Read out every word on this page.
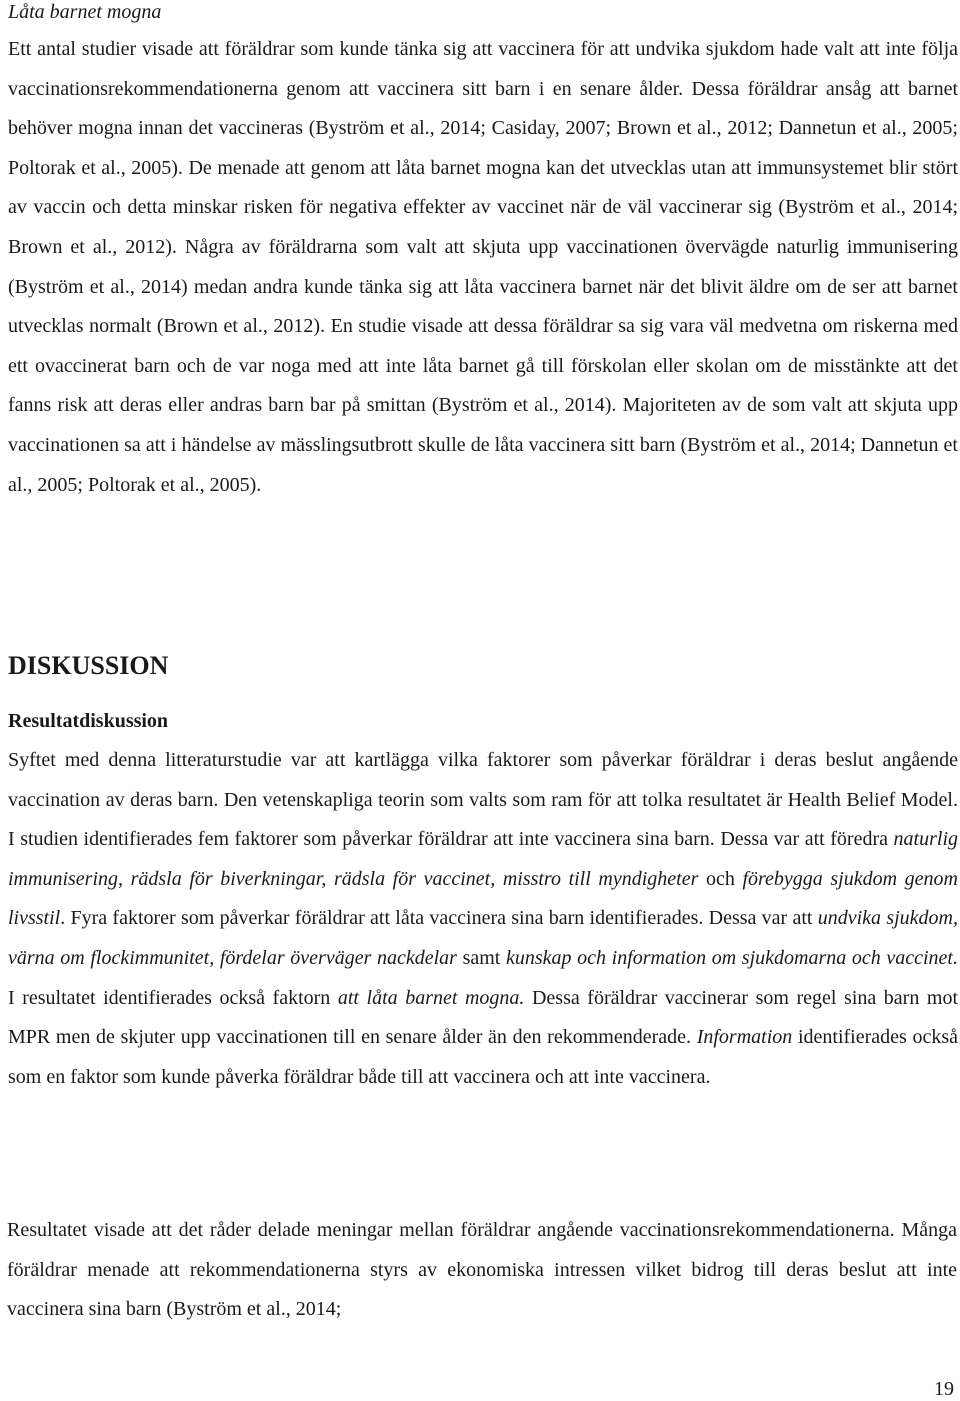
Låta barnet mogna

Ett antal studier visade att föräldrar som kunde tänka sig att vaccinera för att undvika sjukdom hade valt att inte följa vaccinationsrekommendationerna genom att vaccinera sitt barn i en senare ålder. Dessa föräldrar ansåg att barnet behöver mogna innan det vaccineras (Byström et al., 2014; Casiday, 2007; Brown et al., 2012; Dannetun et al., 2005; Poltorak et al., 2005). De menade att genom att låta barnet mogna kan det utvecklas utan att immunsystemet blir stört av vaccin och detta minskar risken för negativa effekter av vaccinet när de väl vaccinerar sig (Byström et al., 2014; Brown et al., 2012). Några av föräldrarna som valt att skjuta upp vaccinationen övervägde naturlig immunisering (Byström et al., 2014) medan andra kunde tänka sig att låta vaccinera barnet när det blivit äldre om de ser att barnet utvecklas normalt (Brown et al., 2012). En studie visade att dessa föräldrar sa sig vara väl medvetna om riskerna med ett ovaccinerat barn och de var noga med att inte låta barnet gå till förskolan eller skolan om de misstänkte att det fanns risk att deras eller andras barn bar på smittan (Byström et al., 2014). Majoriteten av de som valt att skjuta upp vaccinationen sa att i händelse av mässlingsutbrott skulle de låta vaccinera sitt barn (Byström et al., 2014; Dannetun et al., 2005; Poltorak et al., 2005).

DISKUSSION
Resultatdiskussion

Syftet med denna litteraturstudie var att kartlägga vilka faktorer som påverkar föräldrar i deras beslut angående vaccination av deras barn. Den vetenskapliga teorin som valts som ram för att tolka resultatet är Health Belief Model. I studien identifierades fem faktorer som påverkar föräldrar att inte vaccinera sina barn. Dessa var att föredra naturlig immunisering, rädsla för biverkningar, rädsla för vaccinet, misstro till myndigheter och förebygga sjukdom genom livsstil. Fyra faktorer som påverkar föräldrar att låta vaccinera sina barn identifierades. Dessa var att undvika sjukdom, värna om flockimmunitet, fördelar överväger nackdelar samt kunskap och information om sjukdomarna och vaccinet. I resultatet identifierades också faktorn att låta barnet mogna. Dessa föräldrar vaccinerar som regel sina barn mot MPR men de skjuter upp vaccinationen till en senare ålder än den rekommenderade. Information identifierades också som en faktor som kunde påverka föräldrar både till att vaccinera och att inte vaccinera.

Resultatet visade att det råder delade meningar mellan föräldrar angående vaccinationsrekommendationerna. Många föräldrar menade att rekommendationerna styrs av ekonomiska intressen vilket bidrog till deras beslut att inte vaccinera sina barn (Byström et al., 2014;

19
